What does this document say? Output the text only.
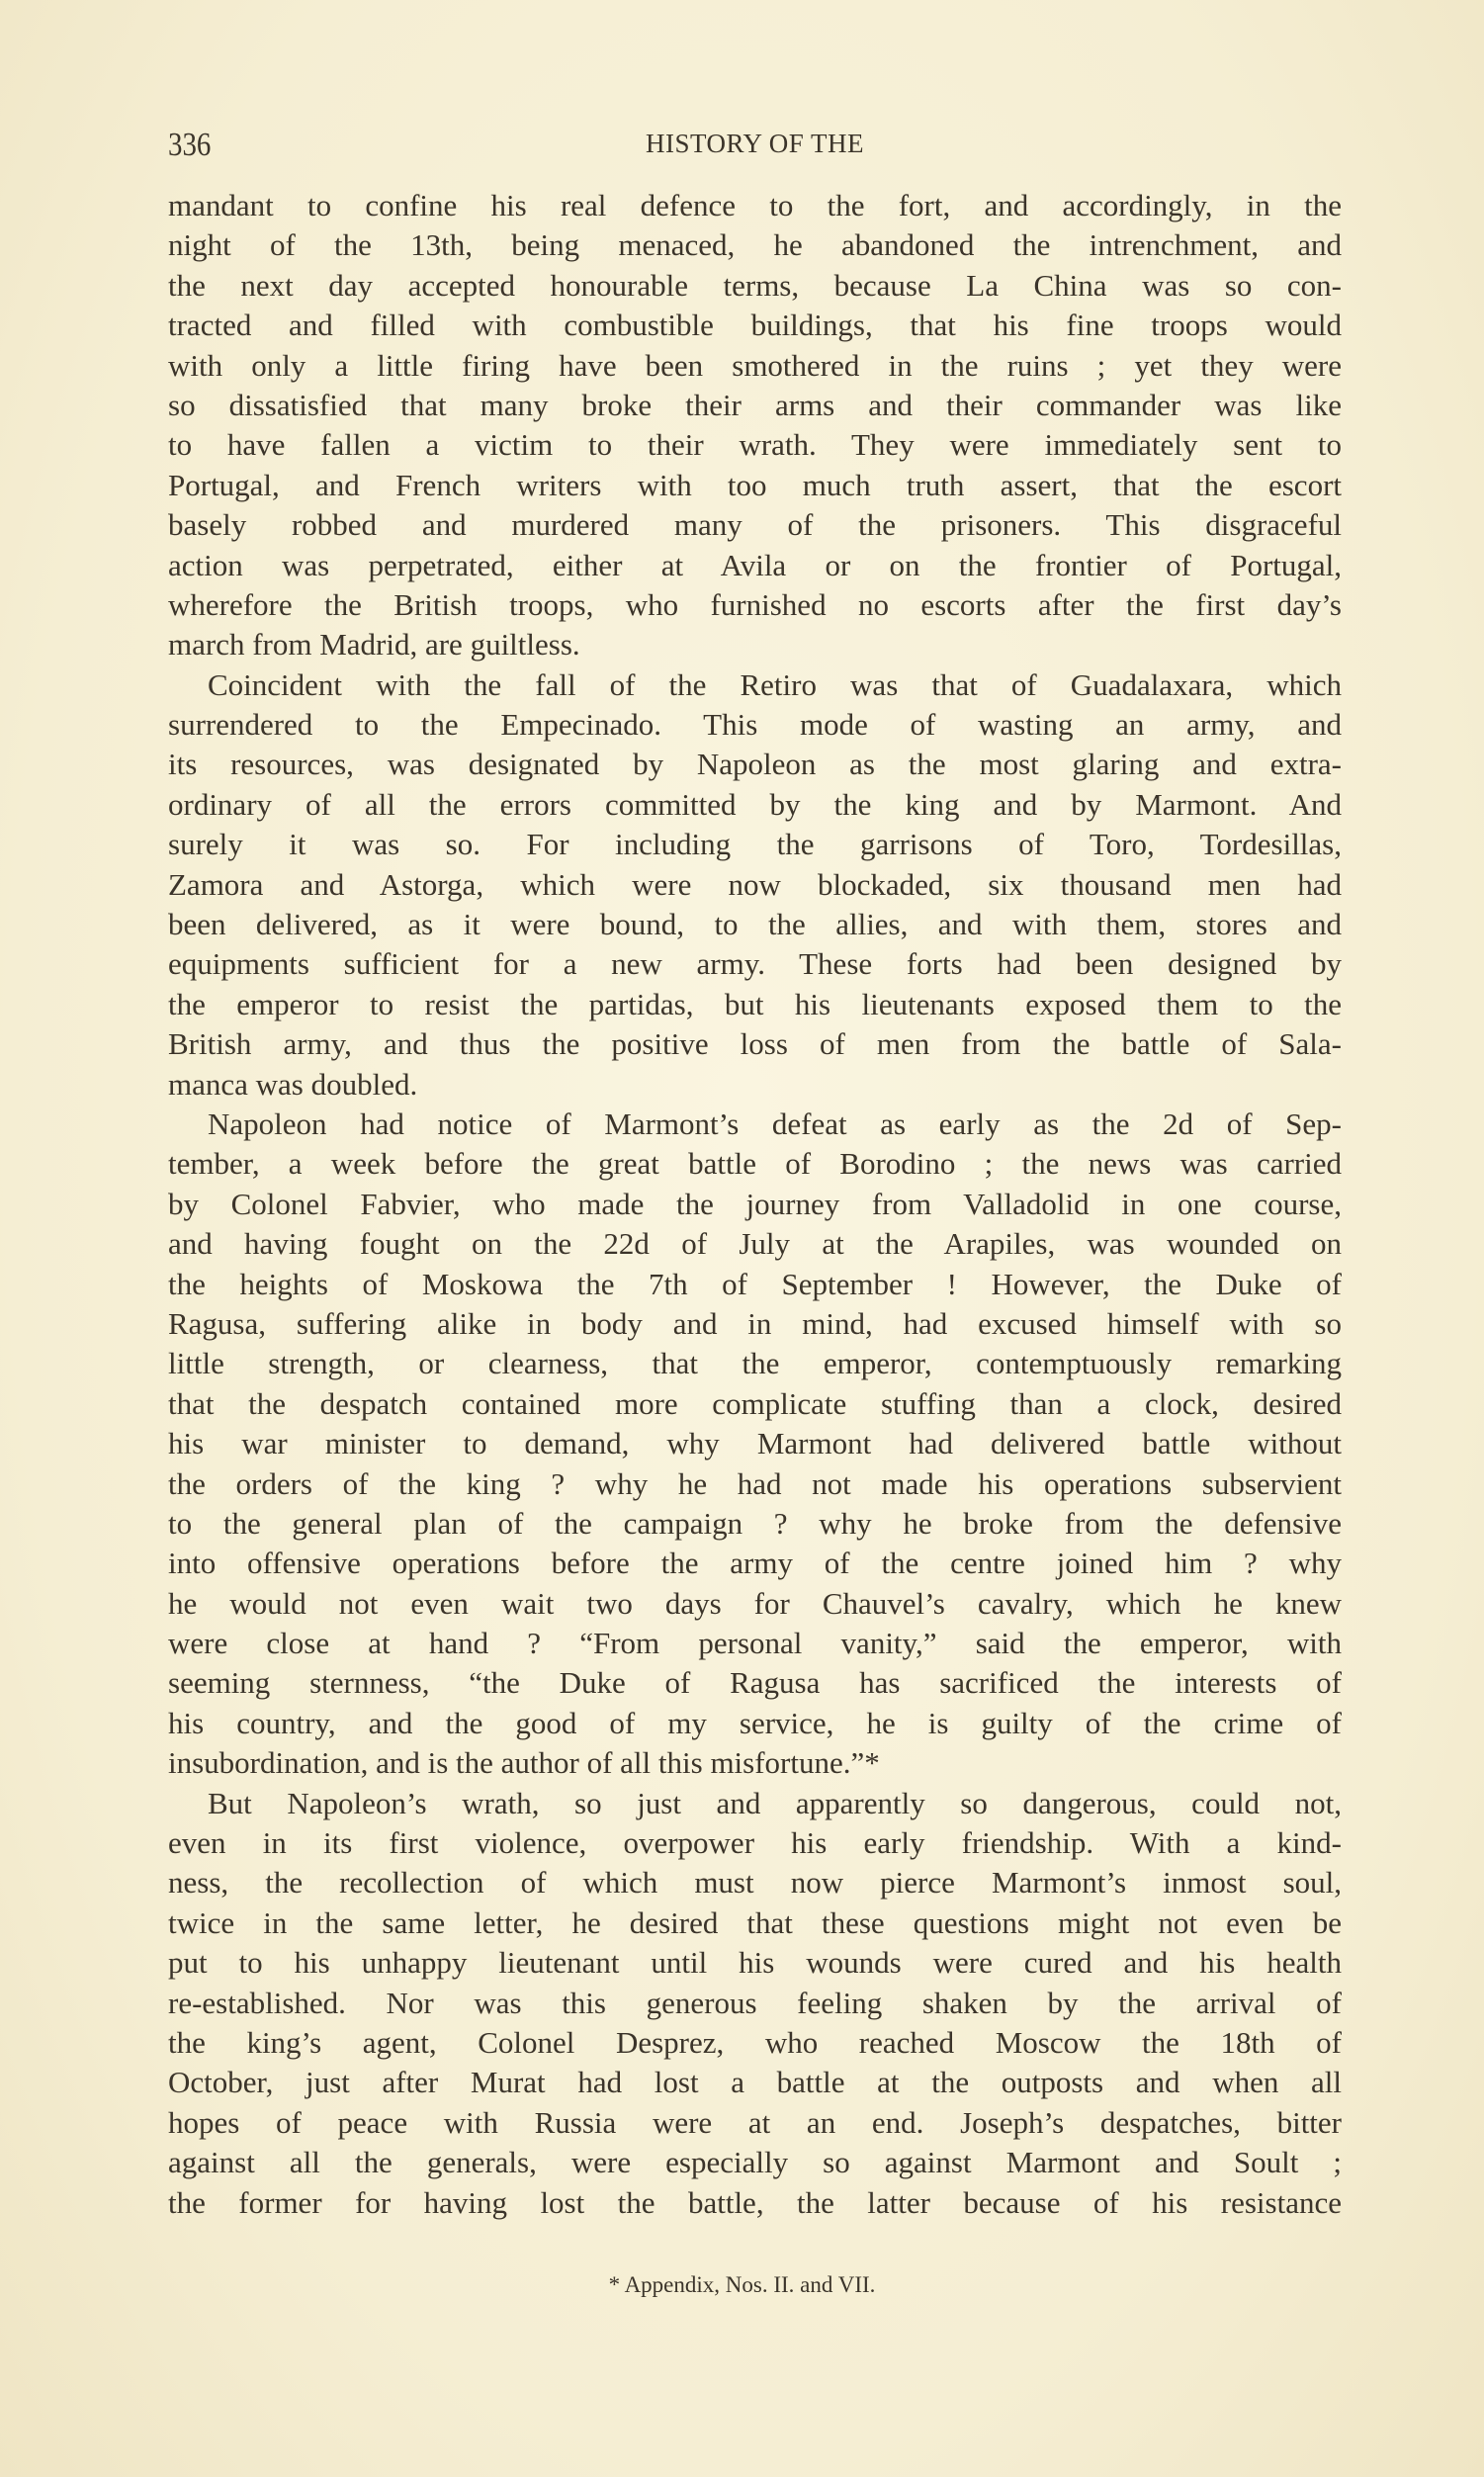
336	HISTORY OF THE
mandant to confine his real defence to the fort, and accordingly, in the
night of the 13th, being menaced, he abandoned the intrenchment, and
the next day accepted honourable terms, because La China was so con-
tracted and filled with combustible buildings, that his fine troops would
with only a little firing have been smothered in the ruins ; yet they were
so dissatisfied that many broke their arms and their commander was like
to have fallen a victim to their wrath. They were immediately sent to
Portugal, and French writers with too much truth assert, that the escort
basely robbed and murdered many of the prisoners. This disgraceful
action was perpetrated, either at Avila or on the frontier of Portugal,
wherefore the British troops, who furnished no escorts after the first day’s
march from Madrid, are guiltless.
Coincident with the fall of the Retiro was that of Guadalaxara, which
surrendered to the Empecinado. This mode of wasting an army, and
its resources, was designated by Napoleon as the most glaring and extra-
ordinary of all the errors committed by the king and by Marmont. And
surely it was so. For including the garrisons of Toro, Tordesillas,
Zamora and Astorga, which were now blockaded, six thousand men had
been delivered, as it were bound, to the allies, and with them, stores and
equipments sufficient for a new army. These forts had been designed by
the emperor to resist the partidas, but his lieutenants exposed them to the
British army, and thus the positive loss of men from the battle of Sala-
manca was doubled.
Napoleon had notice of Marmont’s defeat as early as the 2d of Sep-
tember, a week before the great battle of Borodino ; the news was carried
by Colonel Fabvier, who made the journey from Valladolid in one course,
and having fought on the 22d of July at the Arapiles, was wounded on
the heights of Moskowa the 7th of September ! However, the Duke of
Ragusa, suffering alike in body and in mind, had excused himself with so
little strength, or clearness, that the emperor, contemptuously remarking
that the despatch contained more complicate stuffing than a clock, desired
his war minister to demand, why Marmont had delivered battle without
the orders of the king ? why he had not made his operations subservient
to the general plan of the campaign ? why he broke from the defensive
into offensive operations before the army of the centre joined him ? why
he would not even wait two days for Chauvel’s cavalry, which he knew
were close at hand ? “From personal vanity,” said the emperor, with
seeming sternness, “the Duke of Ragusa has sacrificed the interests of
his country, and the good of my service, he is guilty of the crime of
insubordination, and is the author of all this misfortune.”*
But Napoleon’s wrath, so just and apparently so dangerous, could not,
even in its first violence, overpower his early friendship. With a kind-
ness, the recollection of which must now pierce Marmont’s inmost soul,
twice in the same letter, he desired that these questions might not even be
put to his unhappy lieutenant until his wounds were cured and his health
re-established. Nor was this generous feeling shaken by the arrival of
the king’s agent, Colonel Desprez, who reached Moscow the 18th of
October, just after Murat had lost a battle at the outposts and when all
hopes of peace with Russia were at an end. Joseph’s despatches, bitter
against all the generals, were especially so against Marmont and Soult ;
the former for having lost the battle, the latter because of his resistance
* Appendix, Nos. II. and VII.
